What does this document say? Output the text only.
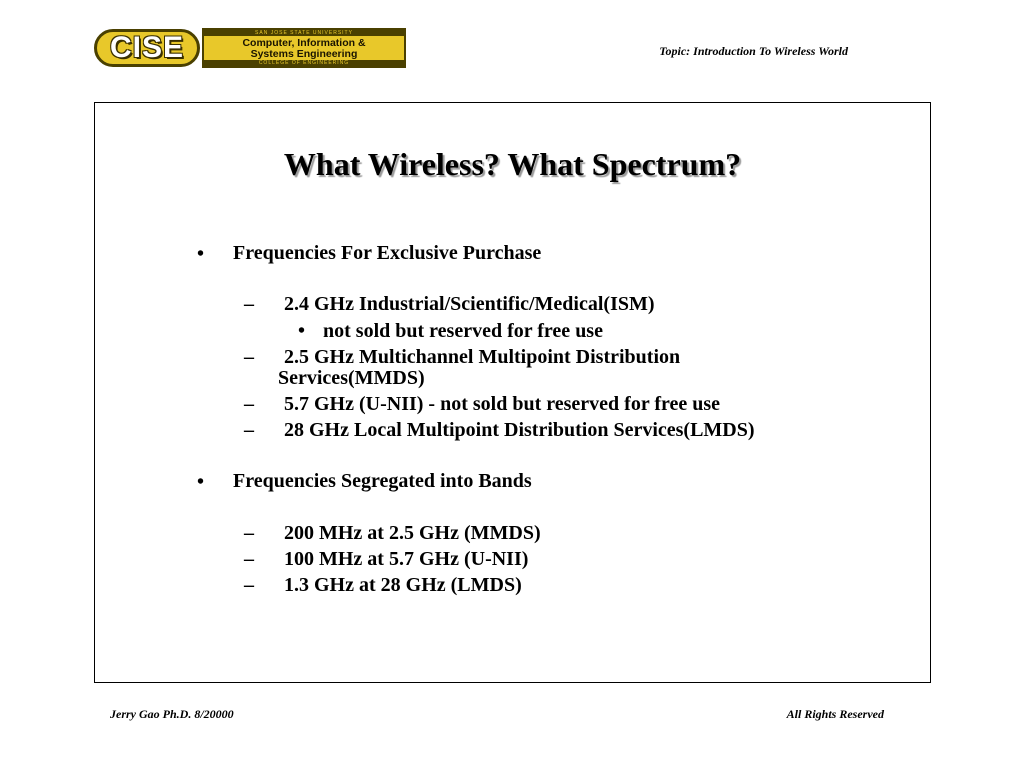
CISE	SAN JOSE STATE UNIVERSITY
Computer, Information &
Systems Engineering
COLLEGE OF ENGINEERING
Topic: Introduction To Wireless World
What Wireless? What Spectrum?
• Frequencies For Exclusive Purchase
– 2.4 GHz Industrial/Scientific/Medical(ISM)
• not sold but reserved for free use
– 2.5 GHz Multichannel Multipoint Distribution
Services(MMDS)
– 5.7 GHz (U-NII) - not sold but reserved for free use
– 28 GHz Local Multipoint Distribution Services(LMDS)
• Frequencies Segregated into Bands
– 200 MHz at 2.5 GHz (MMDS)
– 100 MHz at 5.7 GHz (U-NII)
– 1.3 GHz at 28 GHz (LMDS)
Jerry Gao Ph.D. 8/20000	All Rights Reserved
